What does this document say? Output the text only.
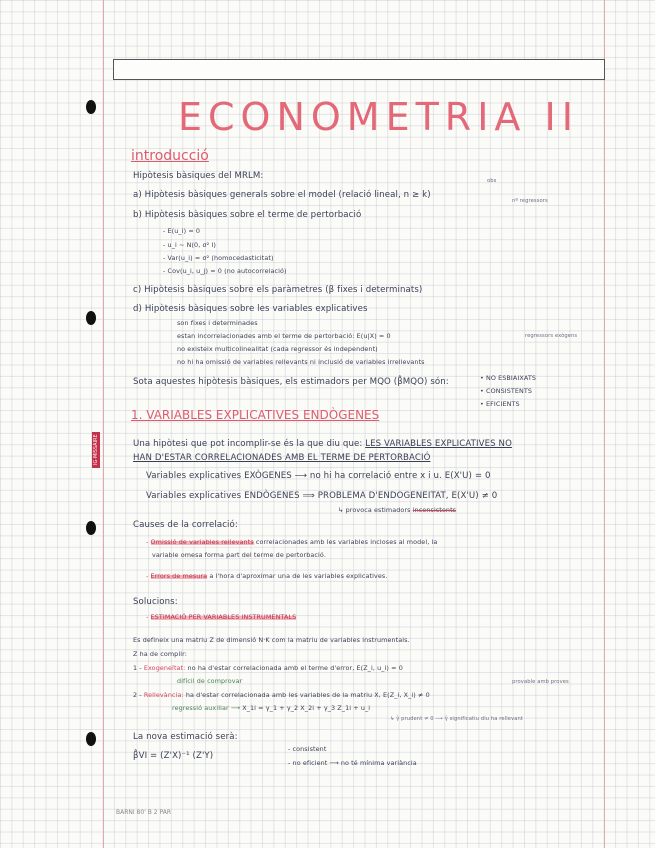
IG·MISSAIRE
ECONOMETRIA II
introducció
Hipòtesis bàsiques del MRLM:
a) Hipòtesis bàsiques generals sobre el model (relació lineal, n ≥ k)
obs
nº regressors
b) Hipòtesis bàsiques sobre el terme de pertorbació
- E(u_i) = 0
- u_i ~ N(0, σ² I)
- Var(u_i) = σ² (homocedasticitat)
- Cov(u_i, u_j) = 0 (no autocorrelació)
c) Hipòtesis bàsiques sobre els paràmetres (β fixes i determinats)
d) Hipòtesis bàsiques sobre les variables explicatives
son fixes i determinades
estan incorrelacionades amb el terme de pertorbació: E(u|X) = 0	regressors exògens
no existeix multicolinealitat (cada regressor és independent)
no hi ha omissió de variables rellevants ni inclusió de variables irrellevants
Sota aquestes hipòtesis bàsiques, els estimadors per MQO (β̂MQO) són:	• NO ESBIAIXATS
• CONSISTENTS
• EFICIENTS
1. VARIABLES EXPLICATIVES ENDÒGENES
Una hipòtesi que pot incomplir-se és la que diu que: LES VARIABLES EXPLICATIVES NO
HAN D'ESTAR CORRELACIONADES AMB EL TERME DE PERTORBACIÓ
Variables explicatives EXÒGENES ⟶ no hi ha correlació entre x i u. E(X'U) = 0
Variables explicatives ENDÒGENES ⟹ PROBLEMA D'ENDOGENEITAT, E(X'U) ≠ 0
↳ provoca estimadors inconsistents
Causes de la correlació:
- Omissió de variables rellevants correlacionades amb les variables incloses al model, la
variable omesa forma part del terme de pertorbació.
- Errors de mesura a l'hora d'aproximar una de les variables explicatives.
Solucions:
- ESTIMACIÓ PER VARIABLES INSTRUMENTALS
Es defineix una matriu Z de dimensió N·K com la matriu de variables instrumentals.
Z ha de complir:
1 - Exogeneïtat: no ha d'estar correlacionada amb el terme d'error, E(Z_i, u_i) = 0
difícil de comprovar	provable amb proves
2 - Rellevància: ha d'estar correlacionada amb les variables de la matriu X, E(Z_i, X_i) ≠ 0
regressió auxiliar ⟶ X_1i = γ_1 + γ_2 X_2i + γ_3 Z_1i + u_i
↳ γ̂ prudent ≠ 0 ⟶ γ̂ significatiu diu ha rellevant
La nova estimació serà:
β̂VI = (Z'X)⁻¹ (Z'Y)
- consistent
- no eficient ⟶ no té mínima variància
BARNI 80' B 2 PAR
